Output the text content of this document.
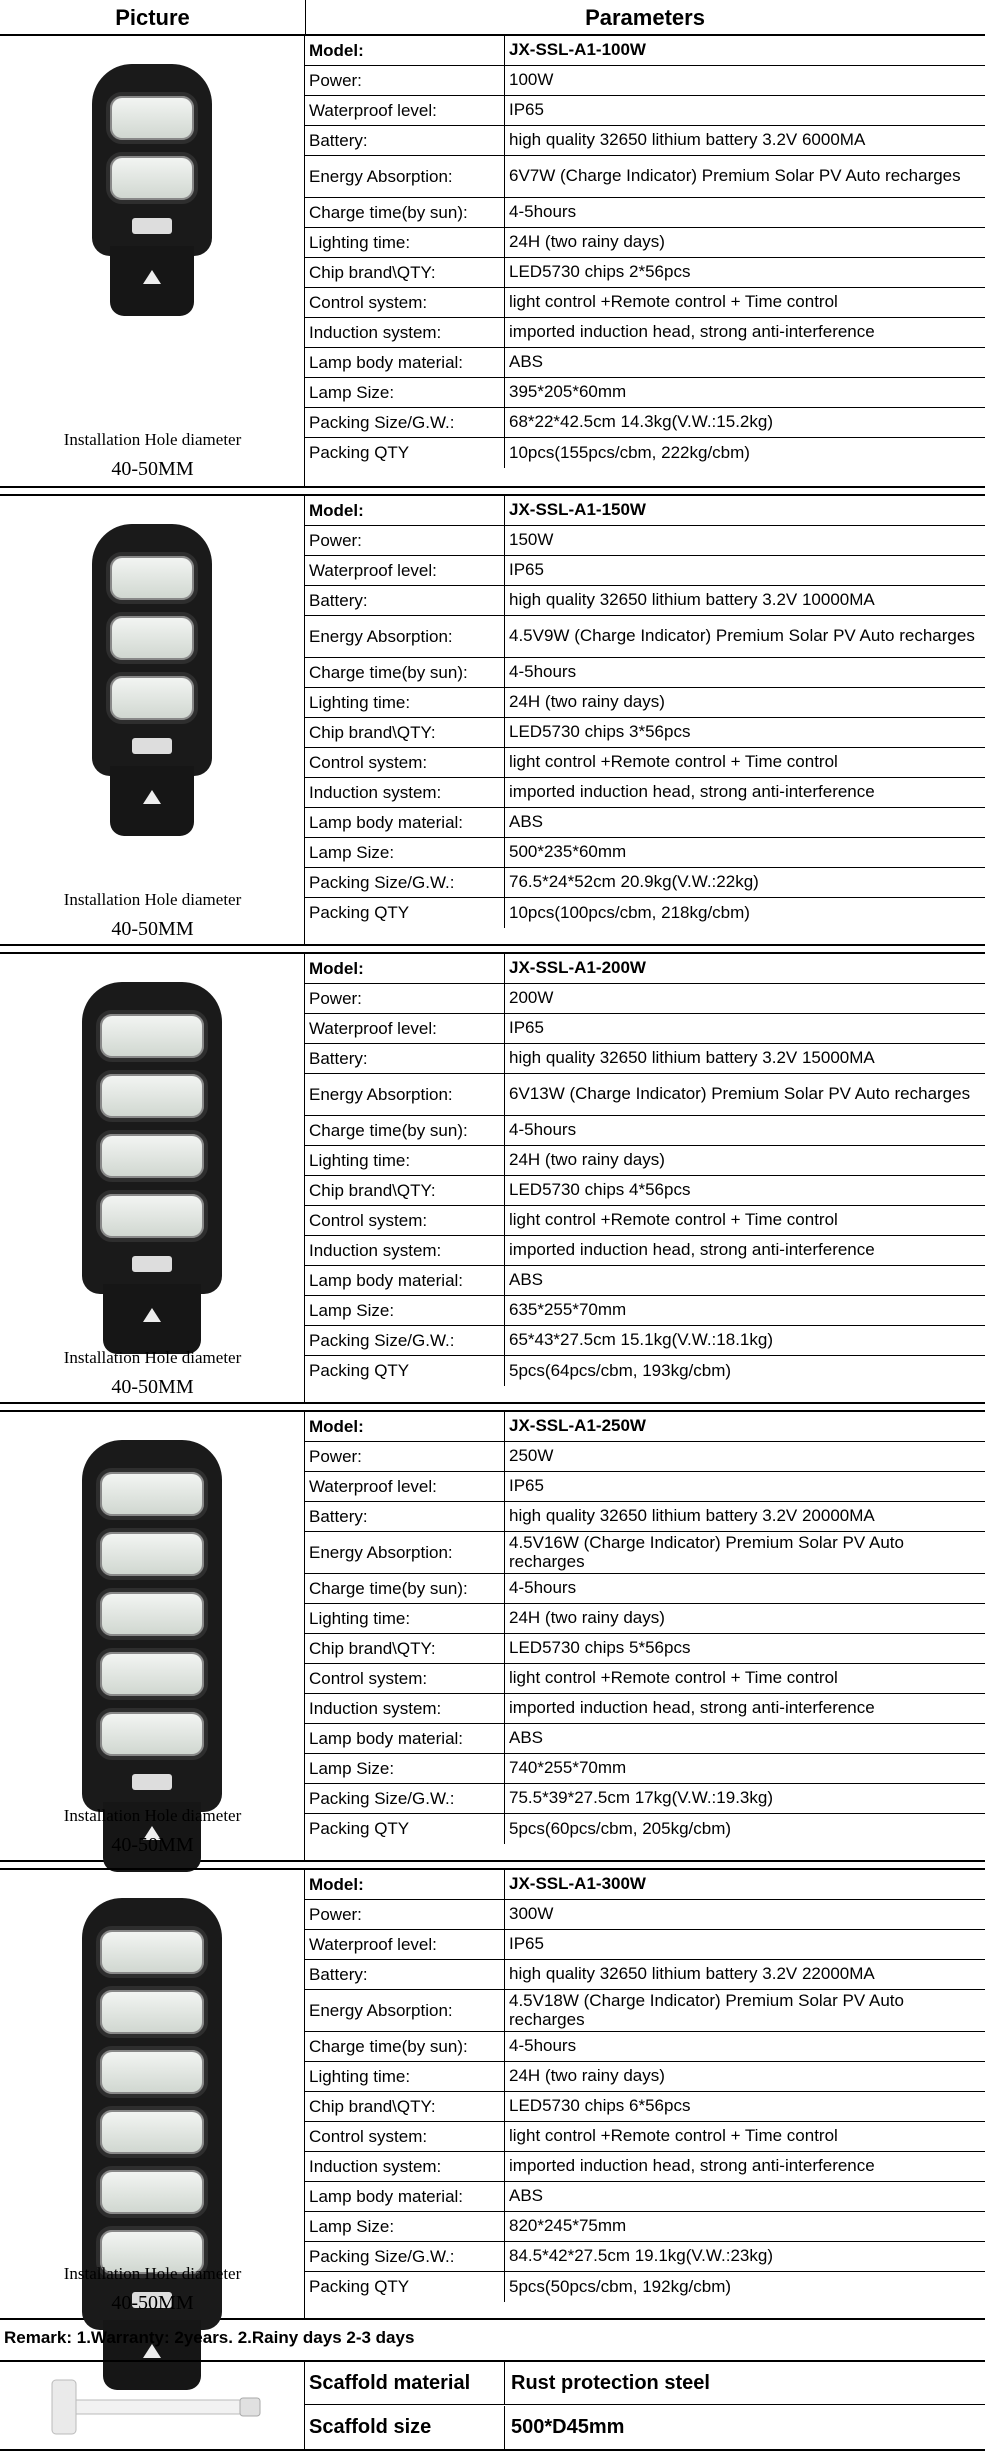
Picture	Parameters
Installation Hole diameter
40-50MM
Model:	JX-SSL-A1-100W
Power:	100W
Waterproof level:	IP65
Battery:	high quality 32650 lithium battery 3.2V 6000MA
Energy Absorption:	6V7W (Charge Indicator) Premium Solar PV Auto recharges
Charge time(by sun):	4-5hours
Lighting time:	24H (two rainy days)
Chip brand\QTY:	LED5730 chips 2*56pcs
Control system:	light control +Remote control + Time control
Induction system:	imported induction head, strong anti-interference
Lamp body material:	ABS
Lamp Size:	395*205*60mm
Packing Size/G.W.:	68*22*42.5cm 14.3kg(V.W.:15.2kg)
Packing QTY	10pcs(155pcs/cbm, 222kg/cbm)
Installation Hole diameter
40-50MM
Model:	JX-SSL-A1-150W
Power:	150W
Waterproof level:	IP65
Battery:	high quality 32650 lithium battery 3.2V 10000MA
Energy Absorption:	4.5V9W (Charge Indicator) Premium Solar PV Auto recharges
Charge time(by sun):	4-5hours
Lighting time:	24H (two rainy days)
Chip brand\QTY:	LED5730 chips 3*56pcs
Control system:	light control +Remote control + Time control
Induction system:	imported induction head, strong anti-interference
Lamp body material:	ABS
Lamp Size:	500*235*60mm
Packing Size/G.W.:	76.5*24*52cm 20.9kg(V.W.:22kg)
Packing QTY	10pcs(100pcs/cbm, 218kg/cbm)
Installation Hole diameter
40-50MM
Model:	JX-SSL-A1-200W
Power:	200W
Waterproof level:	IP65
Battery:	high quality 32650 lithium battery 3.2V 15000MA
Energy Absorption:	6V13W (Charge Indicator) Premium Solar PV Auto recharges
Charge time(by sun):	4-5hours
Lighting time:	24H (two rainy days)
Chip brand\QTY:	LED5730 chips 4*56pcs
Control system:	light control +Remote control + Time control
Induction system:	imported induction head, strong anti-interference
Lamp body material:	ABS
Lamp Size:	635*255*70mm
Packing Size/G.W.:	65*43*27.5cm 15.1kg(V.W.:18.1kg)
Packing QTY	5pcs(64pcs/cbm, 193kg/cbm)
Installation Hole diameter
40-50MM
Model:	JX-SSL-A1-250W
Power:	250W
Waterproof level:	IP65
Battery:	high quality 32650 lithium battery 3.2V 20000MA
Energy Absorption:
4.5V16W (Charge Indicator) Premium Solar PV Auto recharges
Charge time(by sun):	4-5hours
Lighting time:	24H (two rainy days)
Chip brand\QTY:	LED5730 chips 5*56pcs
Control system:	light control +Remote control + Time control
Induction system:	imported induction head, strong anti-interference
Lamp body material:	ABS
Lamp Size:	740*255*70mm
Packing Size/G.W.:	75.5*39*27.5cm 17kg(V.W.:19.3kg)
Packing QTY	5pcs(60pcs/cbm, 205kg/cbm)
Installation Hole diameter
40-50MM
Model:	JX-SSL-A1-300W
Power:	300W
Waterproof level:	IP65
Battery:	high quality 32650 lithium battery 3.2V 22000MA
Energy Absorption:
4.5V18W (Charge Indicator) Premium Solar PV Auto recharges
Charge time(by sun):	4-5hours
Lighting time:	24H (two rainy days)
Chip brand\QTY:	LED5730 chips 6*56pcs
Control system:	light control +Remote control + Time control
Induction system:	imported induction head, strong anti-interference
Lamp body material:	ABS
Lamp Size:	820*245*75mm
Packing Size/G.W.:	84.5*42*27.5cm 19.1kg(V.W.:23kg)
Packing QTY	5pcs(50pcs/cbm, 192kg/cbm)
Remark: 1.Warranty: 2years. 2.Rainy days 2-3 days
Scaffold material	Rust protection steel
Scaffold size	500*D45mm
